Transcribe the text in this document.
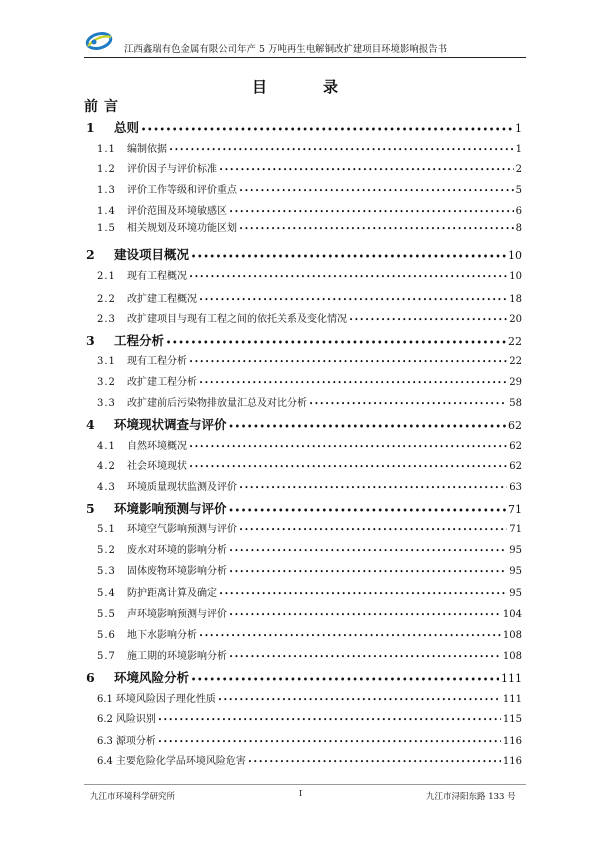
江西鑫瑞有色金属有限公司年产 5 万吨再生电解铜改扩建项目环境影响报告书
目录
前言
1	总则 •••••	1
1.1	编制依据 •••••	1
1.2	评价因子与评价标准 •••••	2
1.3	评价工作等级和评价重点 •••••	5
1.4	评价范围及环境敏感区 •••••	6
1.5	相关规划及环境功能区划 •••••	8
2	建设项目概况 •••••	10
2.1	现有工程概况 •••••	10
2.2	改扩建工程概况 •••••	18
2.3	改扩建项目与现有工程之间的依托关系及变化情况 •••••	20
3	工程分析 •••••	22
3.1	现有工程分析 •••••	22
3.2	改扩建工程分析 •••••	29
3.3	改扩建前后污染物排放量汇总及对比分析 •••••	58
4	环境现状调查与评价 •••••	62
4.1	自然环境概况 •••••	62
4.2	社会环境现状 •••••	62
4.3	环境质量现状监测及评价 •••••	63
5	环境影响预测与评价 •••••	71
5.1	环境空气影响预测与评价 •••••	71
5.2	废水对环境的影响分析 •••••	95
5.3	固体废物环境影响分析 •••••	95
5.4	防护距离计算及确定 •••••	95
5.5	声环境影响预测与评价 •••••	104
5.6	地下水影响分析 •••••	108
5.7	施工期的环境影响分析 •••••	108
6	环境风险分析 •••••	111
6.1 环境风险因子理化性质 •••••	111
6.2 风险识别 •••••	115
6.3 源项分析 •••••	116
6.4 主要危险化学品环境风险危害 •••••	116
九江市环境科学研究所	I	九江市浔阳东路 133 号
